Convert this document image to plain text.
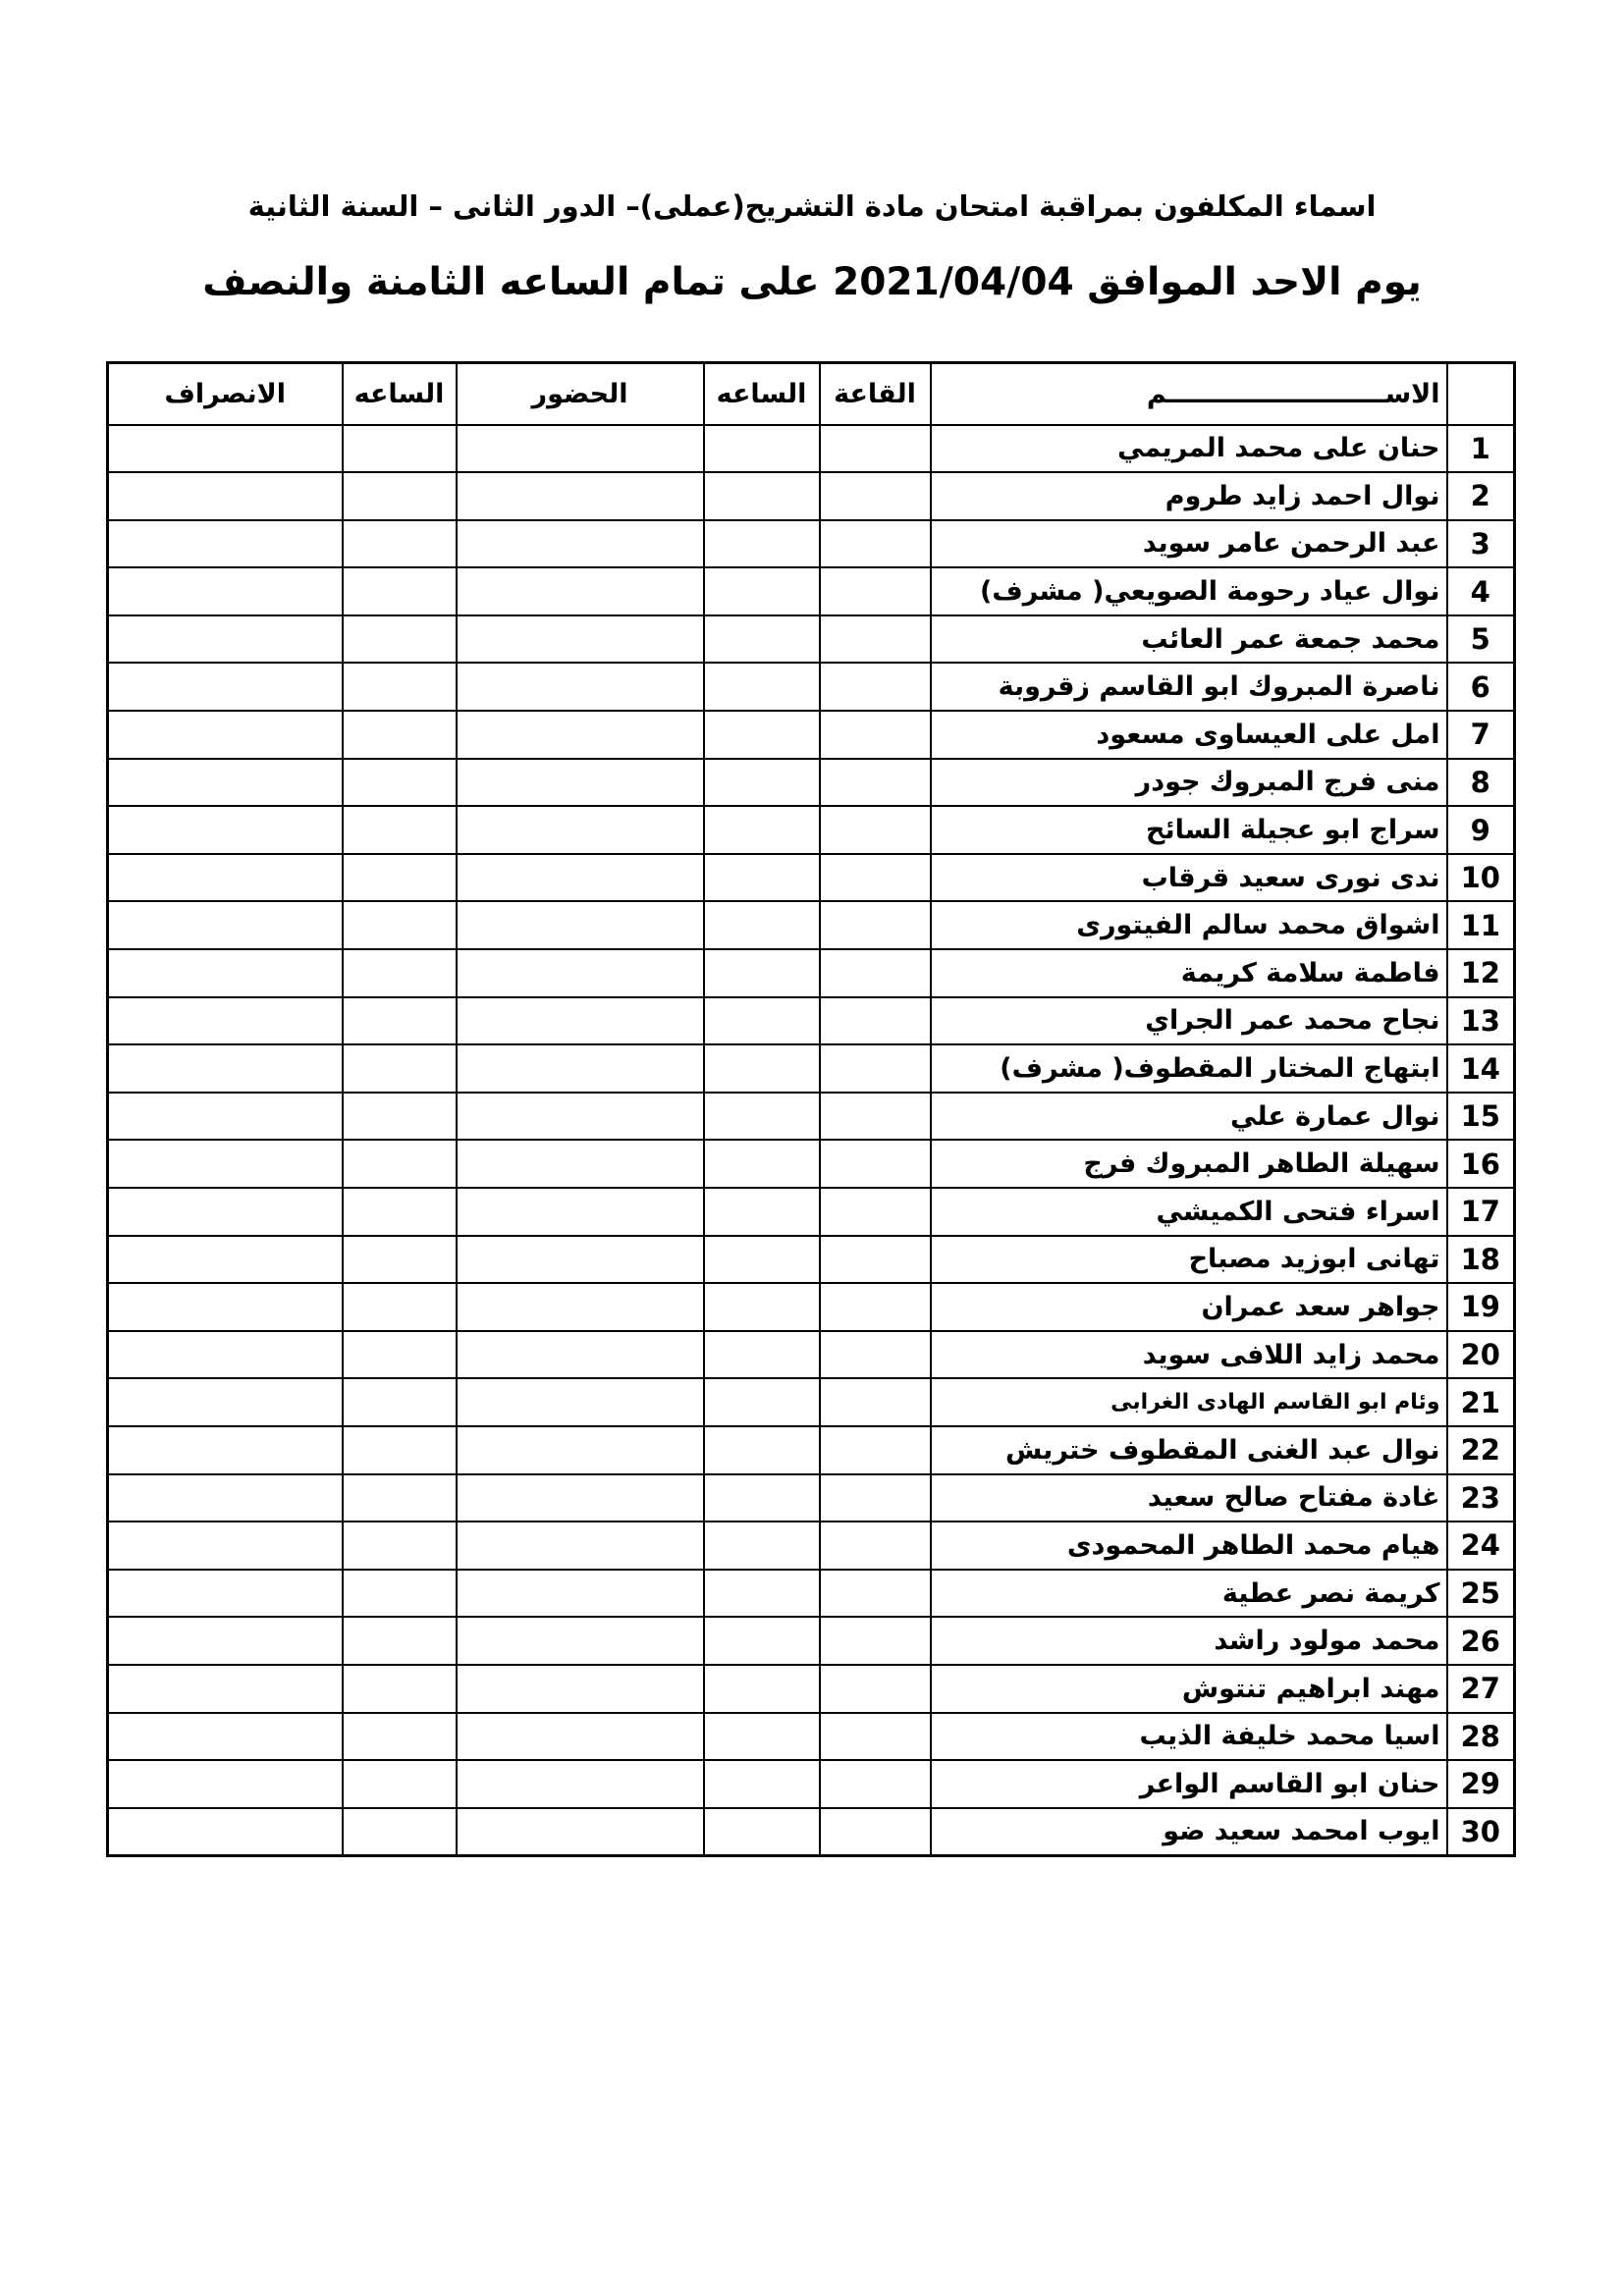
اسماء المكلفون بمراقبة امتحان مادة التشريح(عملى)– الدور الثانى – السنة الثانية
يوم الاحد الموافق 2021/04/04 على تمام الساعه الثامنة والنصف
	الاســــــــــــــــــــــــم	القاعة	الساعه	الحضور	الساعه	الانصراف
1	حنان على محمد المريمي					
2	نوال احمد زايد طروم					
3	عبد الرحمن عامر سويد					
4	نوال عياد رحومة الصويعي( مشرف)					
5	محمد جمعة عمر العائب					
6	ناصرة المبروك ابو القاسم زقروبة					
7	امل على العيساوى مسعود					
8	منى فرج المبروك جودر					
9	سراج ابو عجيلة السائح					
10	ندى نورى سعيد قرقاب					
11	اشواق محمد سالم الفيتورى					
12	فاطمة سلامة كريمة					
13	نجاح محمد عمر الجراي					
14	ابتهاج المختار المقطوف( مشرف)					
15	نوال عمارة علي					
16	سهيلة الطاهر المبروك فرج					
17	اسراء فتحى الكميشي					
18	تهانى ابوزيد مصباح					
19	جواهر سعد عمران					
20	محمد زايد اللافى سويد					
21	وئام ابو القاسم الهادى الغرابى					
22	نوال عبد الغنى المقطوف ختريش					
23	غادة مفتاح صالح سعيد					
24	هيام محمد الطاهر المحمودى					
25	كريمة نصر عطية					
26	محمد مولود راشد					
27	مهند ابراهيم تنتوش					
28	اسيا محمد خليفة الذيب					
29	حنان ابو القاسم الواعر					
30	ايوب امحمد سعيد ضو					
